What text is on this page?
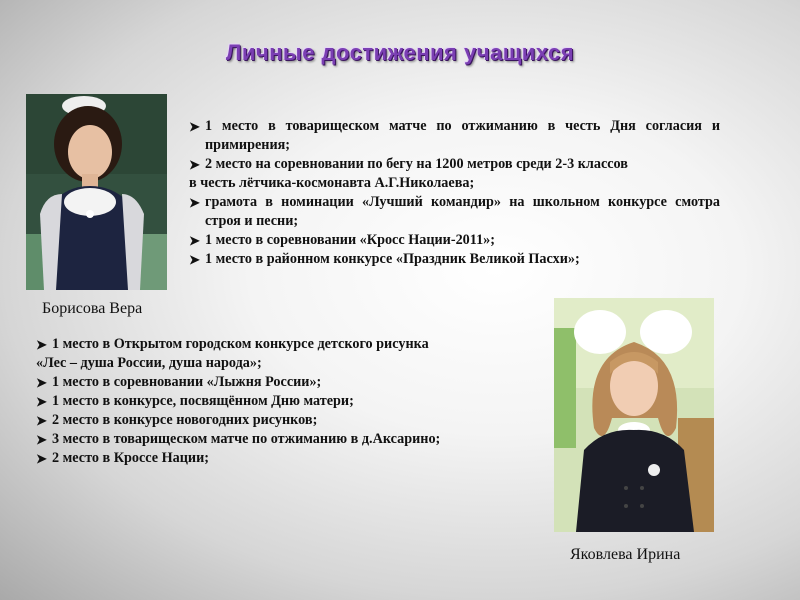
Личные достижения учащихся
Борисова Вера
➤ 1 место в товарищеском матче по отжиманию в честь Дня согласия и примирения;
➤ 2 место на соревновании по бегу на 1200 метров среди 2-3 классов
в честь лётчика-космонавта А.Г.Николаева;
➤ грамота в номинации «Лучший командир» на школьном конкурсе смотра строя и песни;
➤ 1 место в соревновании «Кросс Нации-2011»;
➤ 1 место в районном конкурсе «Праздник Великой Пасхи»;
➤ 1 место в Открытом городском конкурсе детского рисунка
«Лес – душа России, душа народа»;
➤ 1 место в соревновании «Лыжня России»;
➤ 1 место в конкурсе, посвящённом Дню матери;
➤ 2 место в конкурсе новогодних рисунков;
➤ 3 место в товарищеском матче по отжиманию в д.Аксарино;
➤ 2 место в Кроссе Нации;
Яковлева Ирина
